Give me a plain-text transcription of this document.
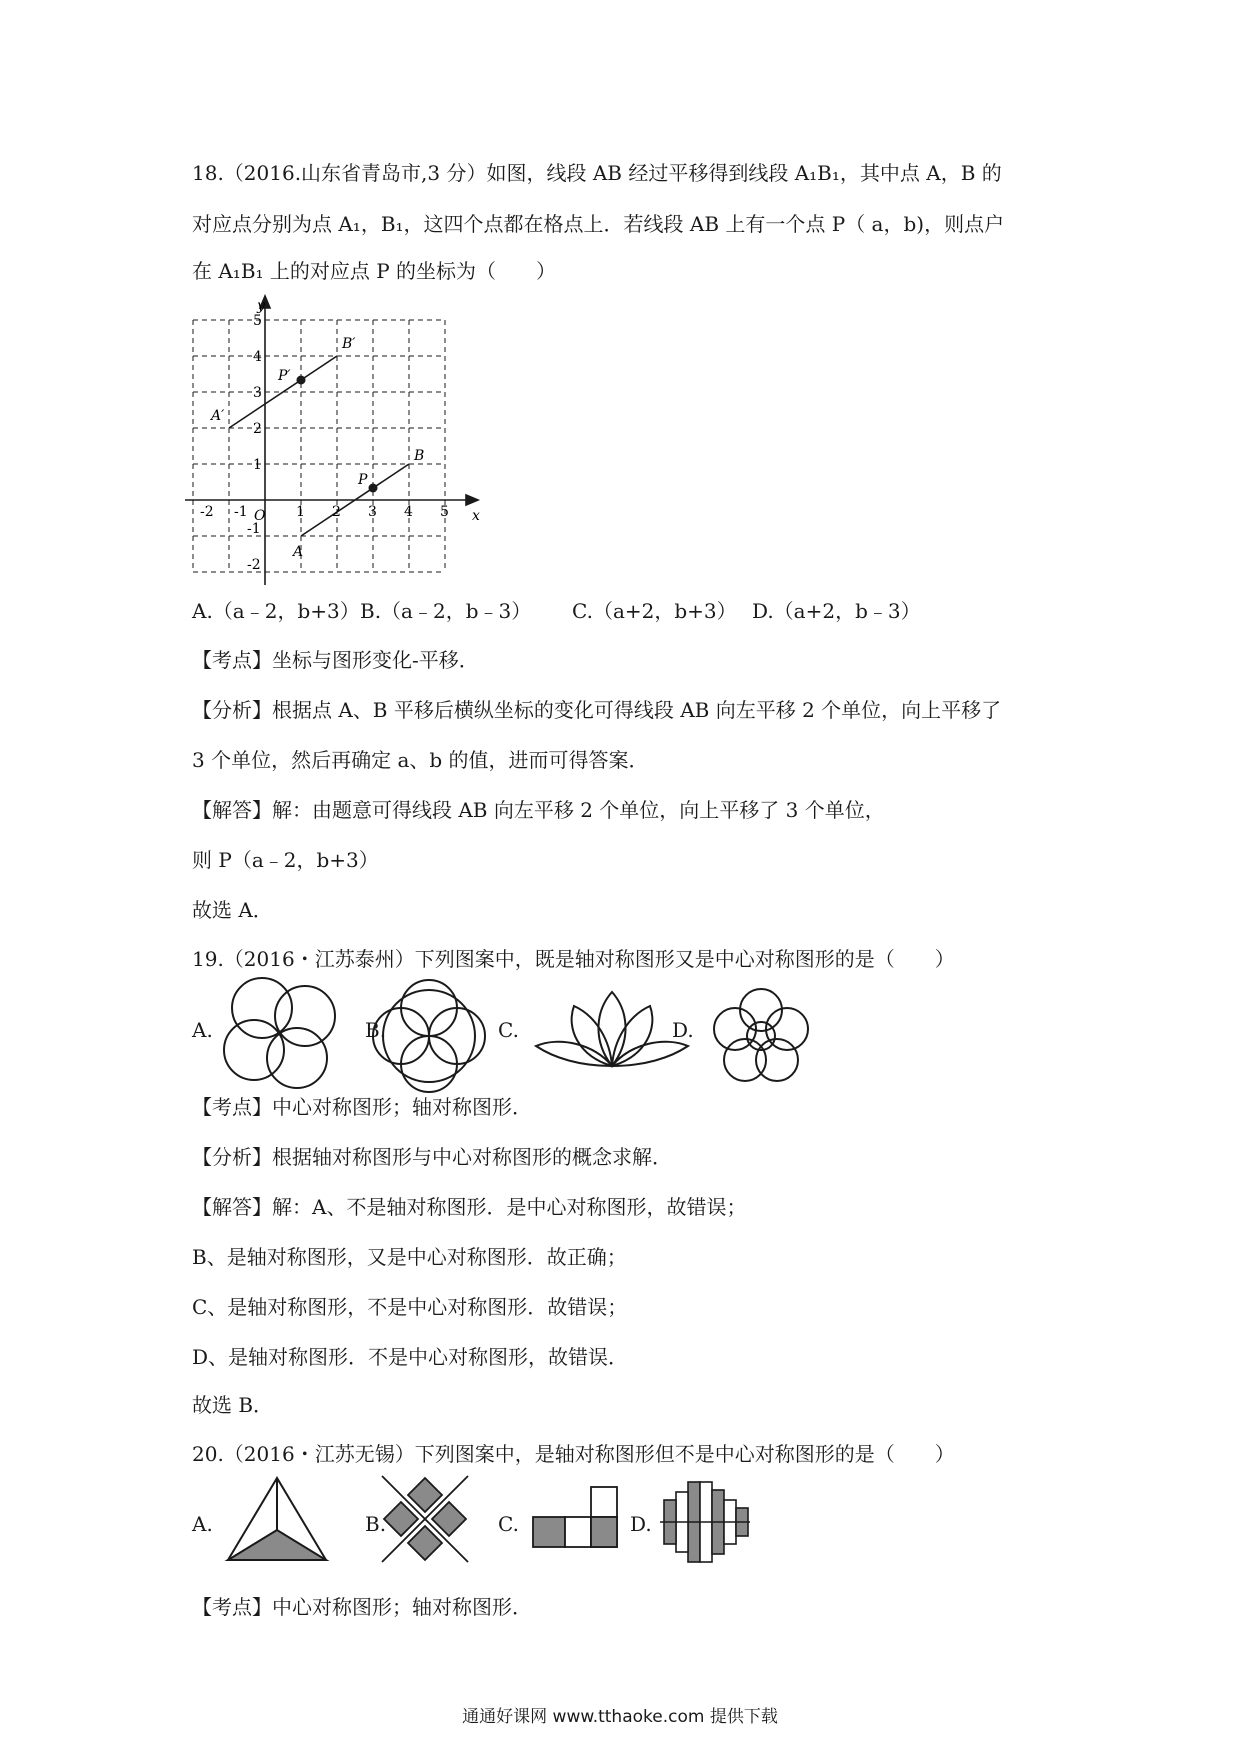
18.（2016.山东省青岛市,3 分）如图，线段 AB 经过平移得到线段 A₁B₁，其中点 A，B 的
对应点分别为点 A₁，B₁，这四个点都在格点上．若线段 AB 上有一个点 P（ a，b)，则点户
在 A₁B₁ 上的对应点 P 的坐标为（　　）
y
x
O
-2 -1	1 2 3 4 5
5
4
3
2
1
-1
-2
A
B
P
A′
B′
P′
A.（a﹣2，b+3） B.（a﹣2，b﹣3） C.（a+2，b+3） D.（a+2，b﹣3）
【考点】坐标与图形变化-平移．
【分析】根据点 A、B 平移后横纵坐标的变化可得线段 AB 向左平移 2 个单位，向上平移了
3 个单位，然后再确定 a、b 的值，进而可得答案．
【解答】解：由题意可得线段 AB 向左平移 2 个单位，向上平移了 3 个单位，
则 P（a﹣2，b+3）
故选 A．
19.（2016・江苏泰州）下列图案中，既是轴对称图形又是中心对称图形的是（　　）
A.	B.	C.	D.
【考点】中心对称图形；轴对称图形．
【分析】根据轴对称图形与中心对称图形的概念求解．
【解答】解：A、不是轴对称图形．是中心对称图形，故错误；
B、是轴对称图形，又是中心对称图形．故正确；
C、是轴对称图形，不是中心对称图形．故错误；
D、是轴对称图形．不是中心对称图形，故错误．
故选 B．
20.（2016・江苏无锡）下列图案中，是轴对称图形但不是中心对称图形的是（　　）
A.	B.	C.	D.
【考点】中心对称图形；轴对称图形．
通通好课网 www.tthaoke.com 提供下载
